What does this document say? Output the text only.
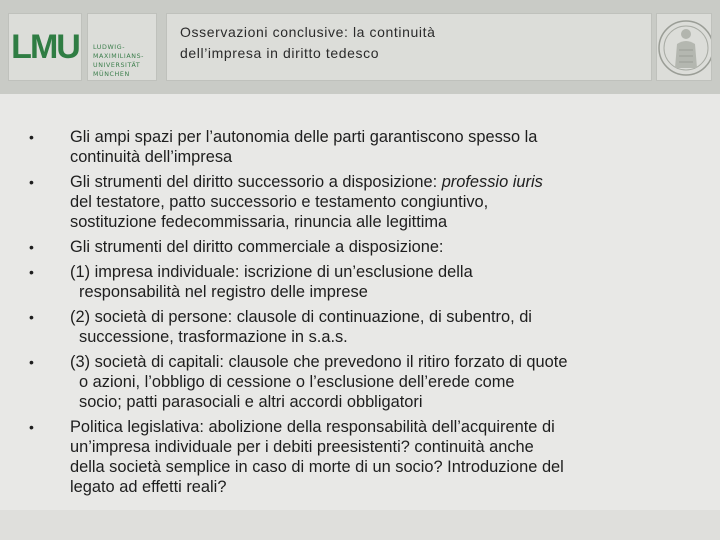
LMU LUDWIG-
MAXIMILIANS-
UNIVERSITÄT
MÜNCHEN

Osservazioni conclusive: la continuità dell’impresa in diritto tedesco

• Gli ampi spazi per l’autonomia delle parti garantiscono spesso la
continuità dell’impresa
• Gli strumenti del diritto successorio a disposizione: professio iuris
del testatore, patto successorio e testamento congiuntivo,
sostituzione fedecommissaria, rinuncia alle legittima
• Gli strumenti del diritto commerciale a disposizione:
• (1) impresa individuale: iscrizione di un’esclusione della
responsabilità nel registro delle imprese
• (2) società di persone: clausole di continuazione, di subentro, di
successione, trasformazione in s.a.s.
• (3) società di capitali: clausole che prevedono il ritiro forzato di quote
o azioni, l’obbligo di cessione o l’esclusione dell’erede come
socio; patti parasociali e altri accordi obbligatori
• Politica legislativa: abolizione della responsabilità dell’acquirente di
un’impresa individuale per i debiti preesistenti? continuità anche
della società semplice in caso di morte di un socio? Introduzione del
legato ad effetti reali?
